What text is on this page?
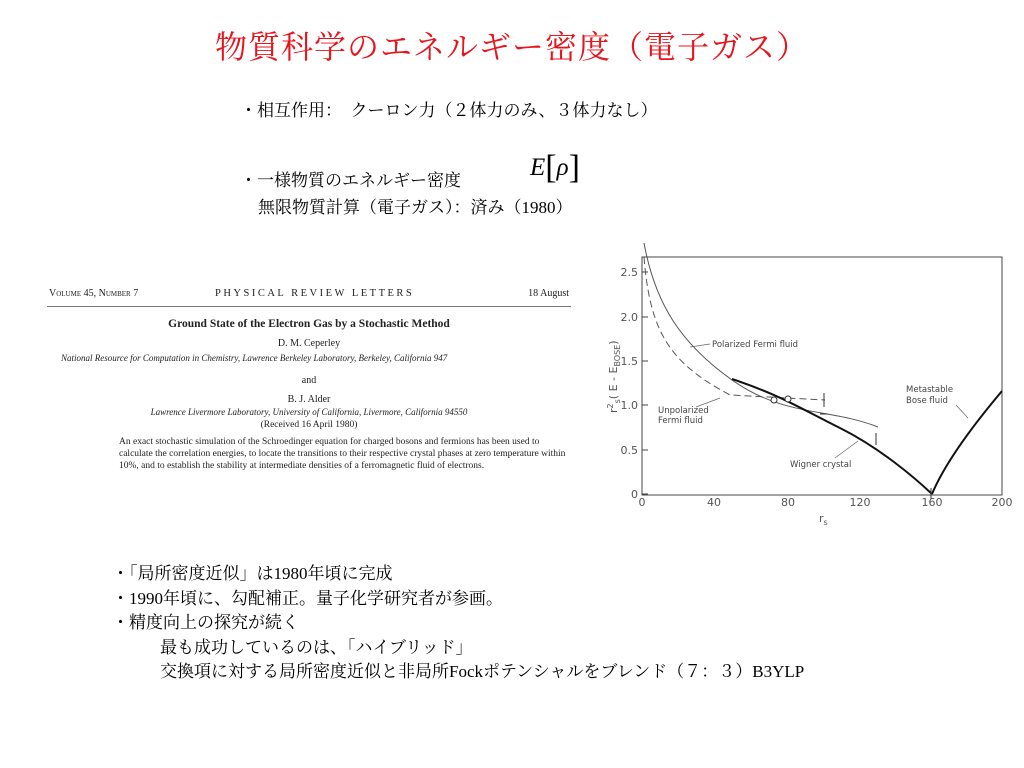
物質科学のエネルギー密度（電子ガス）
・相互作用：　クーロン力（２体力のみ、３体力なし）
・一様物質のエネルギー密度	E[ρ]
無限物質計算（電子ガス）：済み（1980）
Volume 45, Number 7	PHYSICAL REVIEW LETTERS	18 August
Ground State of the Electron Gas by a Stochastic Method
D. M. Ceperley
National Resource for Computation in Chemistry, Lawrence Berkeley Laboratory, Berkeley, California 947
and
B. J. Alder
Lawrence Livermore Laboratory, University of California, Livermore, California 94550
(Received 16 April 1980)
An exact stochastic simulation of the Schroedinger equation for charged bosons and fermions has been used to calculate the correlation energies, to locate the transitions to their respective crystal phases at zero temperature within 10%, and to establish the stability at intermediate densities of a ferromagnetic fluid of electrons.
2.5
2.0
1.5
1.0
0.5
0
0	40	80	120	160	200
$r_s$
$r^2_s$( E - $E_{BOSE}$)	Polarized Fermi fluid
Unpolarized
Fermi fluid
Metastable
Bose fluid
Wigner crystal
・「局所密度近似」は1980年頃に完成
・1990年頃に、勾配補正。量子化学研究者が参画。
・精度向上の探究が続く
最も成功しているのは、「ハイブリッド」
交換項に対する局所密度近似と非局所Fockポテンシャルをブレンド（７：３）B3YLP
